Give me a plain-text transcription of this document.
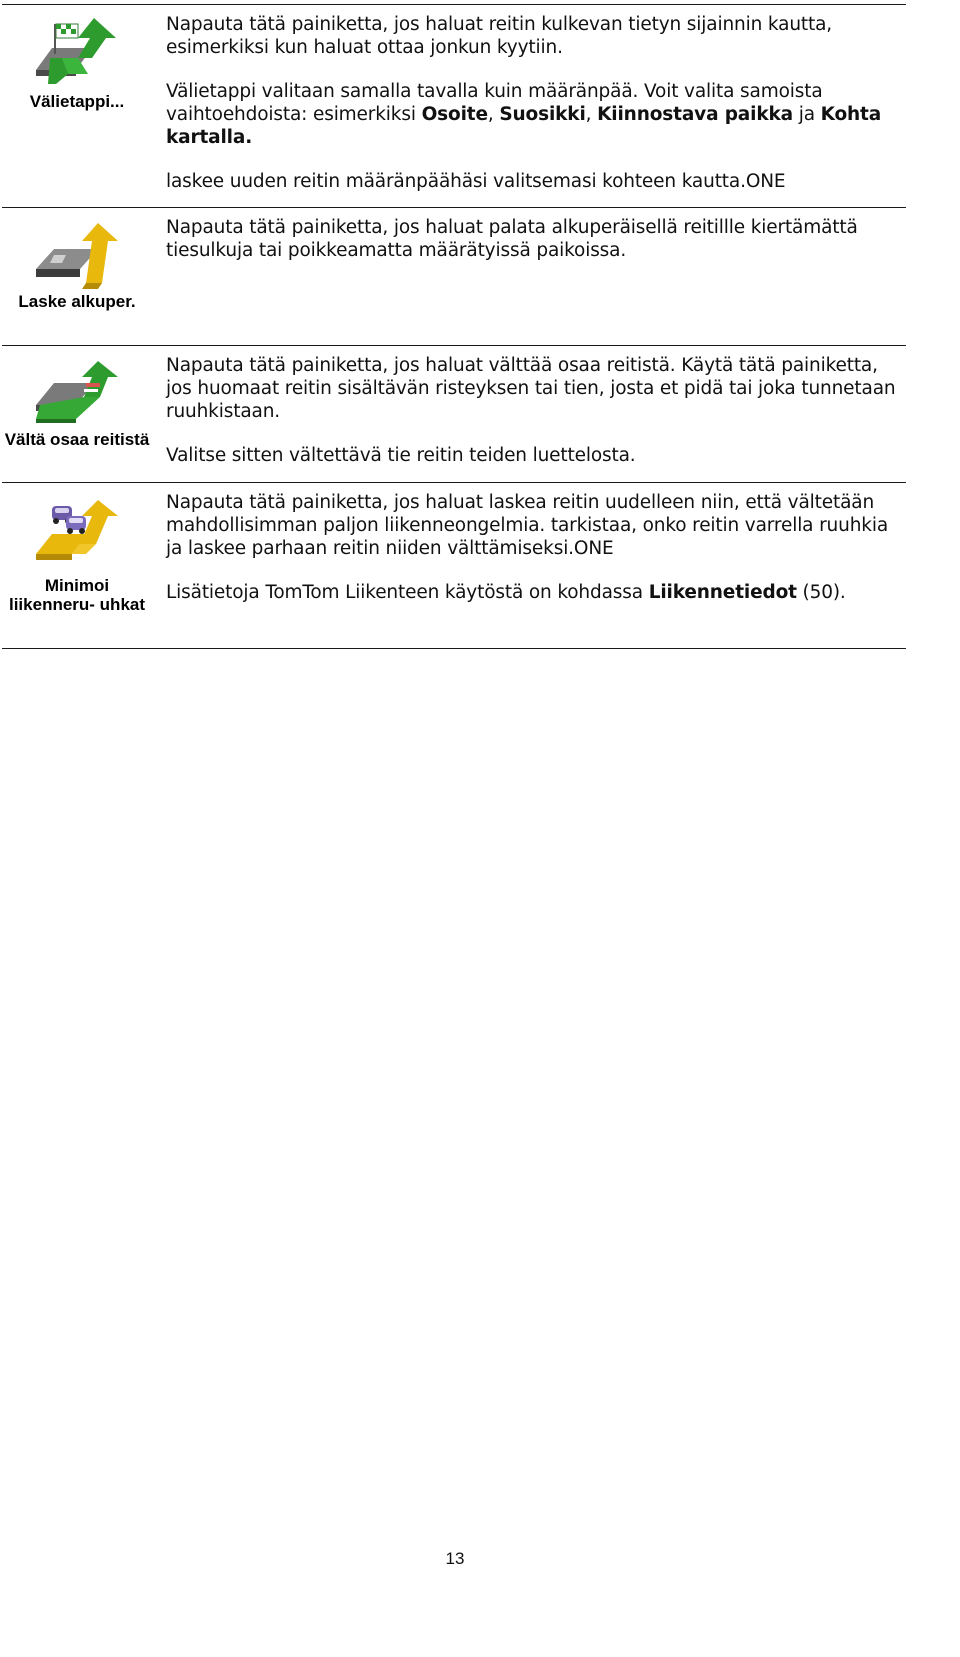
Välietappi...

Napauta tätä painiketta, jos haluat reitin kulkevan tietyn sijainnin kautta, esimerkiksi kun haluat ottaa jonkun kyytiin.

Välietappi valitaan samalla tavalla kuin määränpää. Voit valita samoista vaihtoehdoista: esimerkiksi Osoite, Suosikki, Kiinnostava paikka ja Kohta kartalla.

laskee uuden reitin määränpäähäsi valitsemasi kohteen kautta.ONE

Laske alkuper.

Napauta tätä painiketta, jos haluat palata alkuperäisellä reitillle kiertämättä tiesulkuja tai poikkeamatta määrätyissä paikoissa.

Vältä osaa reitistä

Napauta tätä painiketta, jos haluat välttää osaa reitistä. Käytä tätä painiketta, jos huomaat reitin sisältävän risteyksen tai tien, josta et pidä tai joka tunnetaan ruuhkistaan.

Valitse sitten vältettävä tie reitin teiden luettelosta.

Minimoi liikenneru- uhkat

Napauta tätä painiketta, jos haluat laskea reitin uudelleen niin, että vältetään mahdollisimman paljon liikenneongelmia. tarkistaa, onko reitin varrella ruuhkia ja laskee parhaan reitin niiden välttämiseksi.ONE

Lisätietoja TomTom Liikenteen käytöstä on kohdassa Liikennetiedot (50).

13
